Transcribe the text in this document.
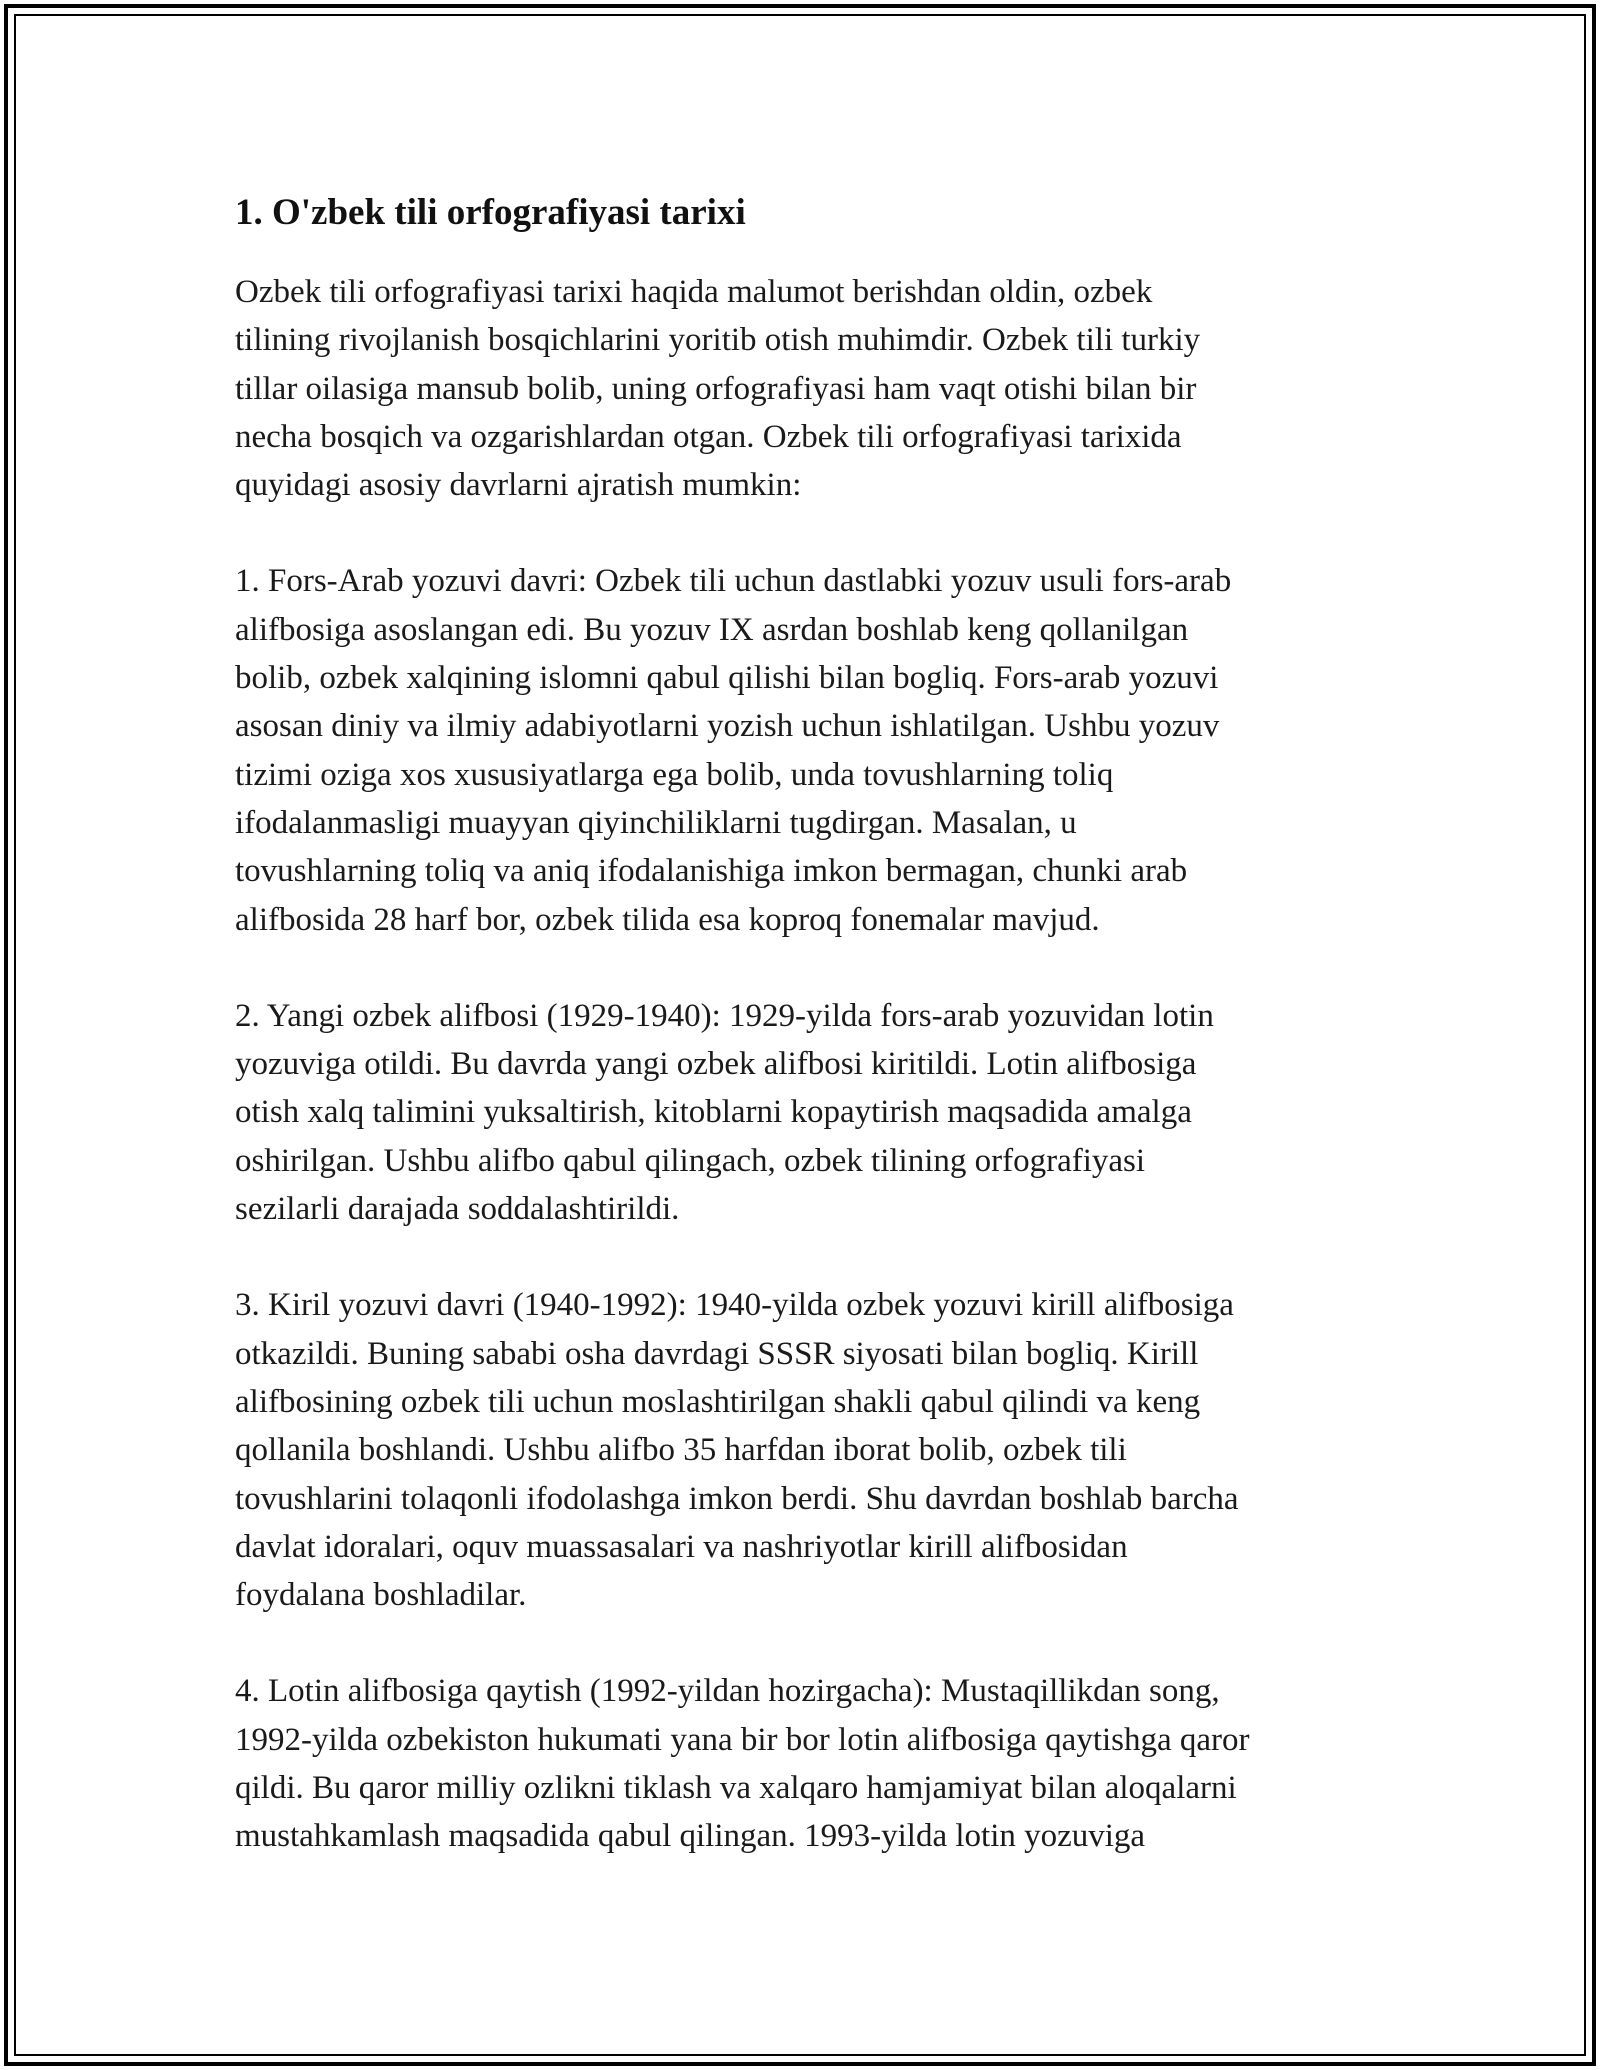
1. O'zbek tili orfografiyasi tarixi

Ozbek tili orfografiyasi tarixi haqida malumot berishdan oldin, ozbek
tilining rivojlanish bosqichlarini yoritib otish muhimdir. Ozbek tili turkiy
tillar oilasiga mansub bolib, uning orfografiyasi ham vaqt otishi bilan bir
necha bosqich va ozgarishlardan otgan. Ozbek tili orfografiyasi tarixida
quyidagi asosiy davrlarni ajratish mumkin:

1. Fors-Arab yozuvi davri: Ozbek tili uchun dastlabki yozuv usuli fors-arab
alifbosiga asoslangan edi. Bu yozuv IX asrdan boshlab keng qollanilgan
bolib, ozbek xalqining islomni qabul qilishi bilan bogliq. Fors-arab yozuvi
asosan diniy va ilmiy adabiyotlarni yozish uchun ishlatilgan. Ushbu yozuv
tizimi oziga xos xususiyatlarga ega bolib, unda tovushlarning toliq
ifodalanmasligi muayyan qiyinchiliklarni tugdirgan. Masalan, u
tovushlarning toliq va aniq ifodalanishiga imkon bermagan, chunki arab
alifbosida 28 harf bor, ozbek tilida esa koproq fonemalar mavjud.

2. Yangi ozbek alifbosi (1929-1940): 1929-yilda fors-arab yozuvidan lotin
yozuviga otildi. Bu davrda yangi ozbek alifbosi kiritildi. Lotin alifbosiga
otish xalq talimini yuksaltirish, kitoblarni kopaytirish maqsadida amalga
oshirilgan. Ushbu alifbo qabul qilingach, ozbek tilining orfografiyasi
sezilarli darajada soddalashtirildi.

3. Kiril yozuvi davri (1940-1992): 1940-yilda ozbek yozuvi kirill alifbosiga
otkazildi. Buning sababi osha davrdagi SSSR siyosati bilan bogliq. Kirill
alifbosining ozbek tili uchun moslashtirilgan shakli qabul qilindi va keng
qollanila boshlandi. Ushbu alifbo 35 harfdan iborat bolib, ozbek tili
tovushlarini tolaqonli ifodolashga imkon berdi. Shu davrdan boshlab barcha
davlat idoralari, oquv muassasalari va nashriyotlar kirill alifbosidan
foydalana boshladilar.

4. Lotin alifbosiga qaytish (1992-yildan hozirgacha): Mustaqillikdan song,
1992-yilda ozbekiston hukumati yana bir bor lotin alifbosiga qaytishga qaror
qildi. Bu qaror milliy ozlikni tiklash va xalqaro hamjamiyat bilan aloqalarni
mustahkamlash maqsadida qabul qilingan. 1993-yilda lotin yozuviga
